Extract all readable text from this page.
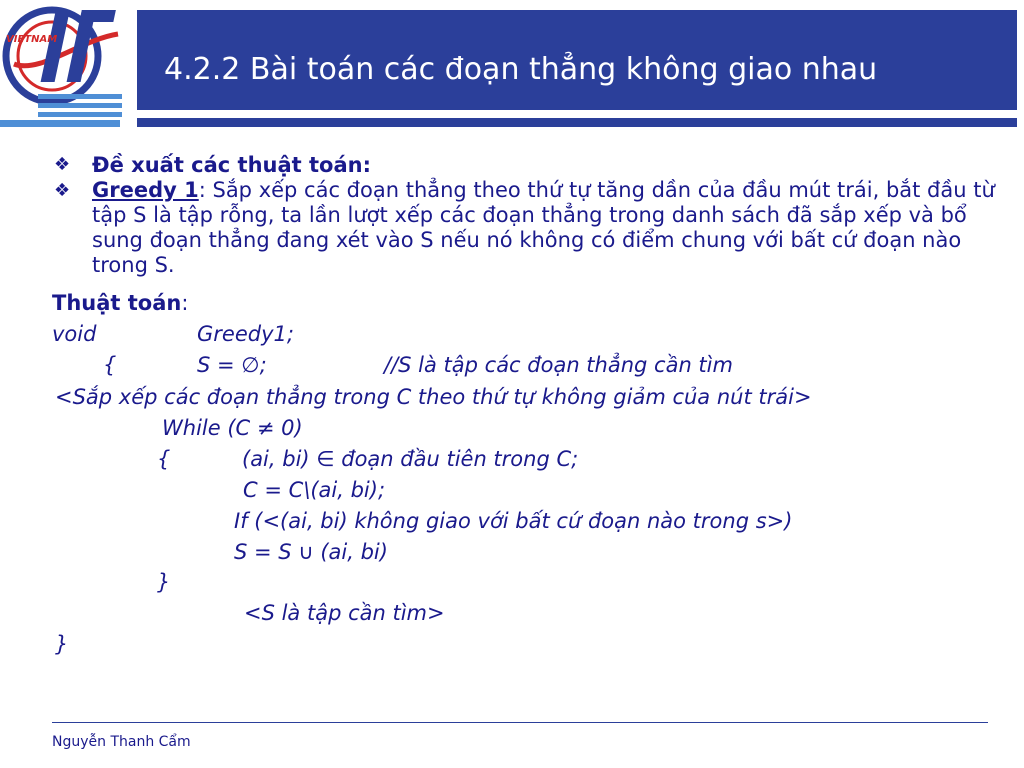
VIETNAM
4.2.2 Bài toán các đoạn thẳng không giao nhau

❖ Đề xuất các thuật toán:

❖ Greedy 1: Sắp xếp các đoạn thẳng theo thứ tự tăng dần của đầu mút trái, bắt đầu từ tập S là tập rỗng, ta lần lượt xếp các đoạn thẳng trong danh sách đã sắp xếp và bổ sung đoạn thẳng đang xét vào S nếu nó không có điểm chung với bất cứ đoạn nào trong S.

Thuật toán:
void	Greedy1;
{	S = ∅;	//S là tập các đoạn thẳng cần tìm
<Sắp xếp các đoạn thẳng trong C theo thứ tự không giảm của nút trái>
While (C ≠ 0)
{	(ai, bi) ∈ đoạn đầu tiên trong C;
C = C\(ai, bi);
If (<(ai, bi) không giao với bất cứ đoạn nào trong s>)
S = S ∪ (ai, bi)
}
<S là tập cần tìm>
}
Nguyễn Thanh Cẩm
